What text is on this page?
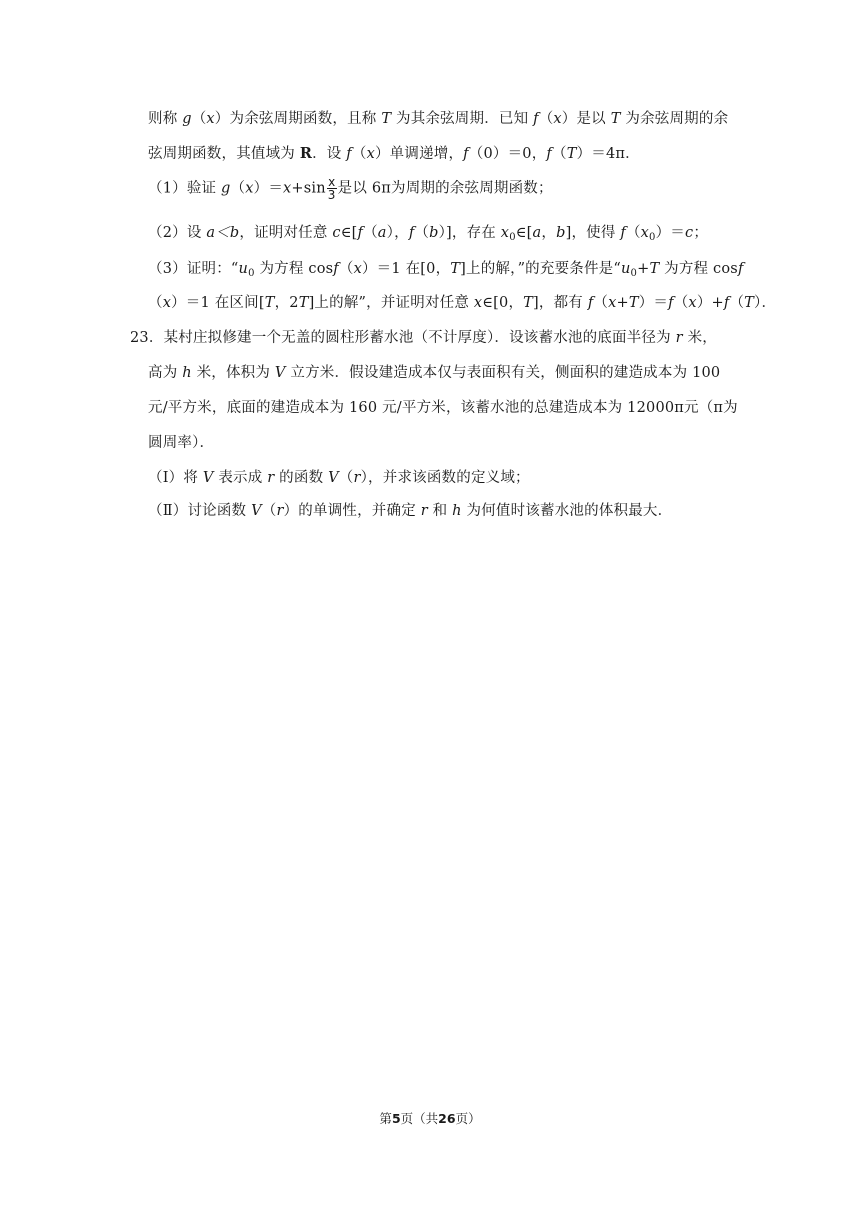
则称 g（x）为余弦周期函数，且称 T 为其余弦周期．已知 f（x）是以 T 为余弦周期的余
弦周期函数，其值域为 R．设 f（x）单调递增，f（0）＝0，f（T）＝4π．
（1）验证 $g(x)=x+\sin \frac{x}{3}$ 是以 6π为周期的余弦周期函数；
（2）设 a＜b，证明对任意 c∈[f（a），f（b）]，存在 $x_0\in[a$，b]，使得 $f(x_0)=c$；
（3）证明：“$u_0$ 为方程 cosf（x）＝1 在[0，T]上的解，”的充要条件是“$u_0+T$ 为方程 cosf
（x）＝1 在区间[T，2T]上的解”，并证明对任意 x∈[0，T]，都有 f（x+T）＝f（x）+f（T）．
23．某村庄拟修建一个无盖的圆柱形蓄水池（不计厚度）．设该蓄水池的底面半径为 r 米，
高为 h 米，体积为 V 立方米．假设建造成本仅与表面积有关，侧面积的建造成本为 100
元/平方米，底面的建造成本为 160 元/平方米，该蓄水池的总建造成本为 12000π元（π为
圆周率）．
（Ⅰ）将 V 表示成 r 的函数 V（r），并求该函数的定义域；
（Ⅱ）讨论函数 V（r）的单调性，并确定 r 和 h 为何值时该蓄水池的体积最大．
第5页（共26页）
